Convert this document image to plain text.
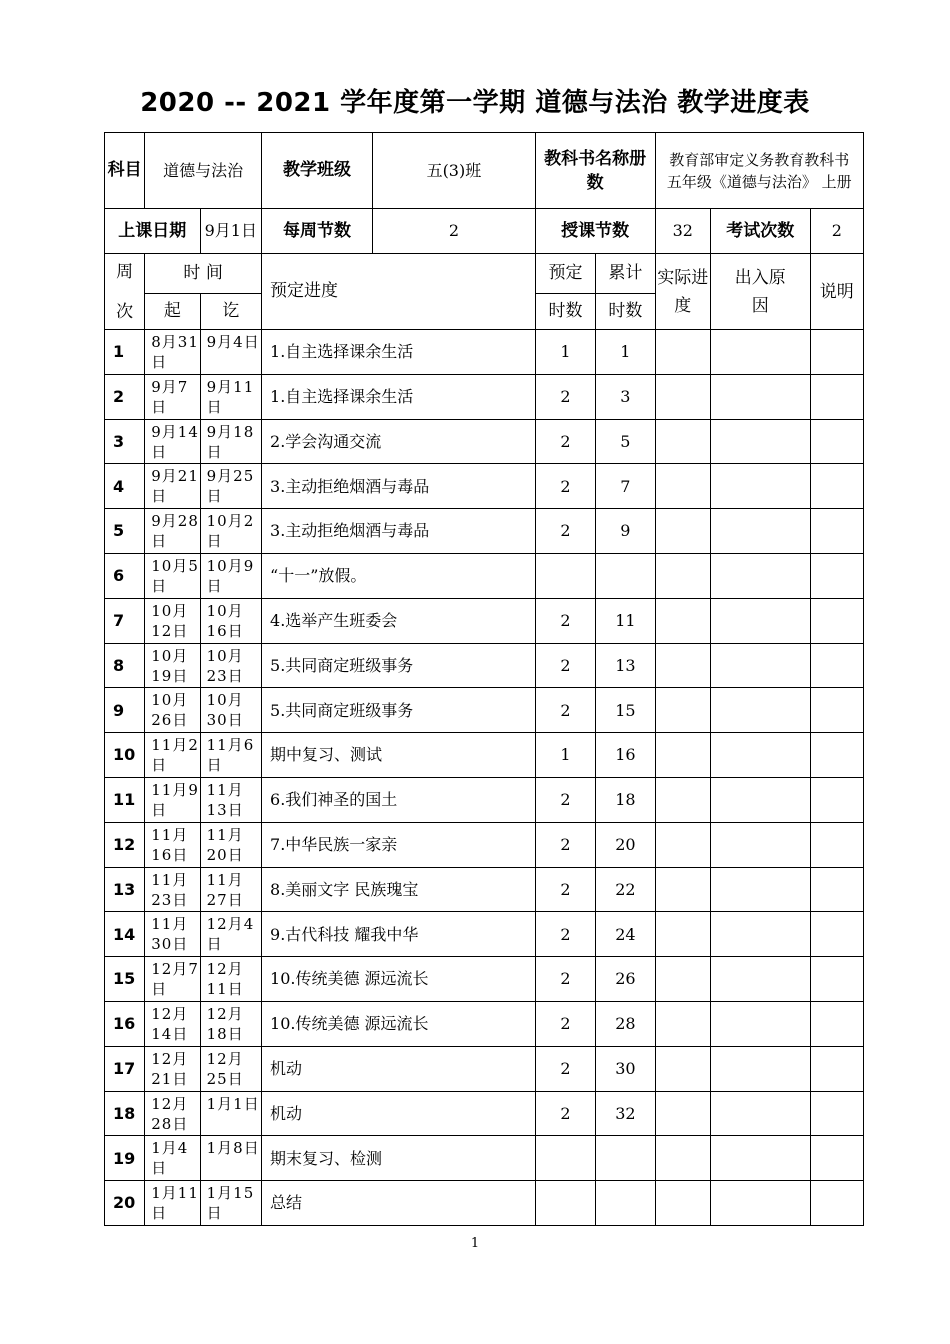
2020 -- 2021 学年度第一学期 道德与法治 教学进度表
科目	道德与法治		教学班级 五(3)班	教科书名称册数		教育部审定义务教育教科书 五年级《道德与法治》 上册		
上课日期		9月1日	每周节数 2	授课节数		32	考试次数	2

周
次	时 间		预定进度	预定	累计	实际进度	出入原因	说明
	起	讫		时数	时数			
1	8月31日	9月4日	1.自主选择课余生活	1	1			
2	9月7日	9月11日	1.自主选择课余生活	2	3			
3	9月14日	9月18日	2.学会沟通交流	2	5			
4	9月21日	9月25日	3.主动拒绝烟酒与毒品	2	7			
5	9月28日	10月2日	3.主动拒绝烟酒与毒品	2	9			
6	10月5日	10月9日	“十一”放假。					
7	10月12日	10月16日	4.选举产生班委会	2	11			
8	10月19日	10月23日	5.共同商定班级事务	2	13			
9	10月26日	10月30日	5.共同商定班级事务	2	15			
10	11月2日	11月6日	期中复习、测试	1	16			
11	11月9日	11月13日	6.我们神圣的国土	2	18			
12	11月16日	11月20日	7.中华民族一家亲	2	20			
13	11月23日	11月27日	8.美丽文字 民族瑰宝	2	22			
14	11月30日	12月4日	9.古代科技 耀我中华	2	24			
15	12月7日	12月11日	10.传统美德 源远流长	2	26			
16	12月14日	12月18日	10.传统美德 源远流长	2	28			
17	12月21日	12月25日	机动	2	30			
18	12月28日	1月1日	机动	2	32			
19	1月4日	1月8日	期末复习、检测					
20	1月11日	1月15日	总结					
1
